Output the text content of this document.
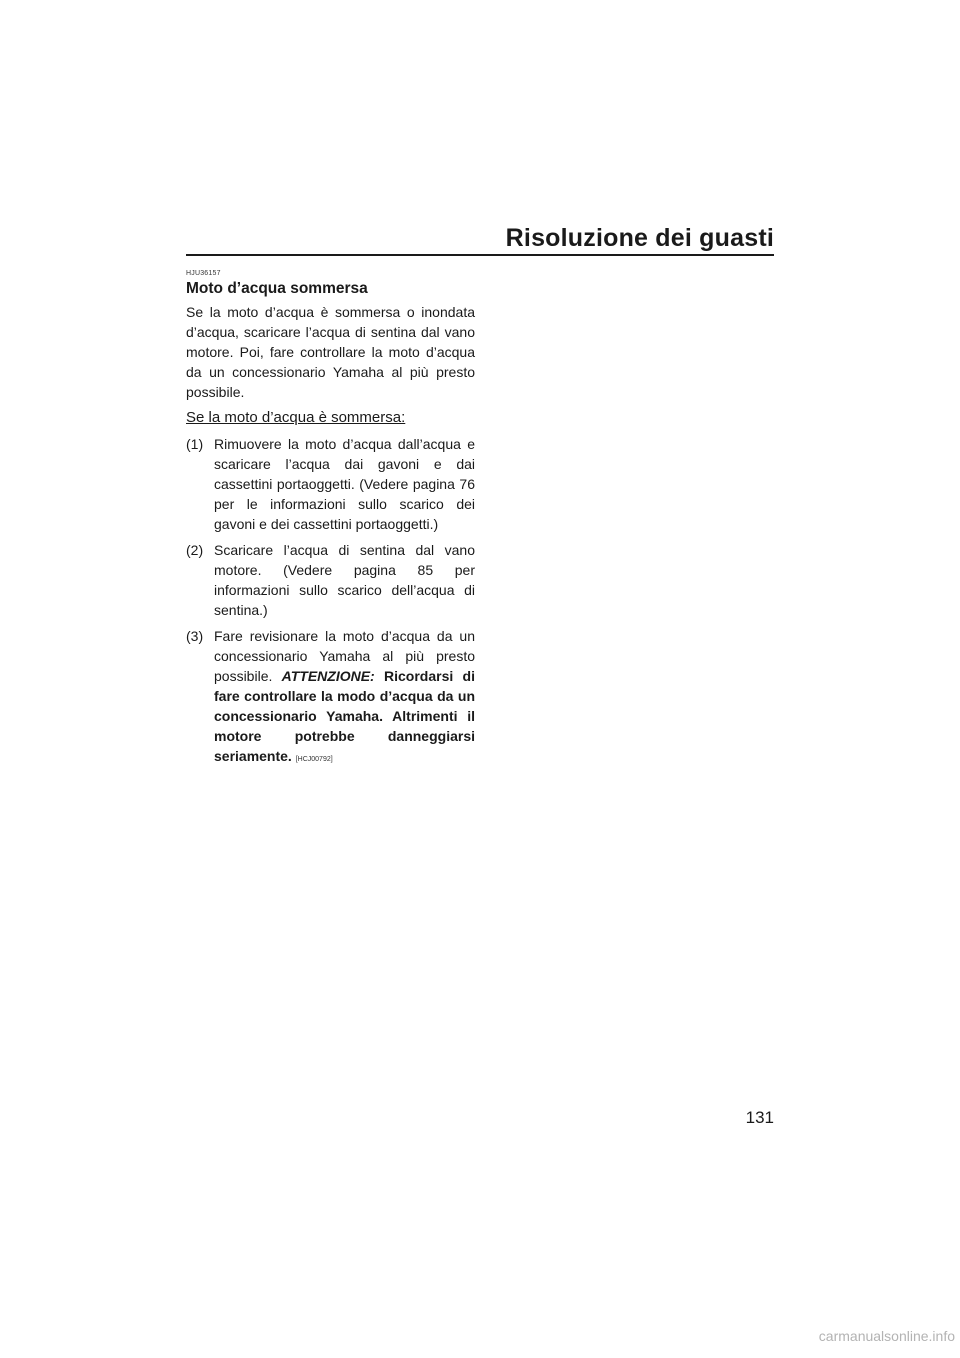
Risoluzione dei guasti
HJU36157
Moto d’acqua sommersa

Se la moto d’acqua è sommersa o inondata d’acqua, scaricare l’acqua di sentina dal vano motore. Poi, fare controllare la moto d’acqua da un concessionario Yamaha al più presto possibile.

Se la moto d’acqua è sommersa:
(1) Rimuovere la moto d’acqua dall’acqua e scaricare l’acqua dai gavoni e dai cassettini portaoggetti. (Vedere pagina 76 per le informazioni sullo scarico dei gavoni e dei cassettini portaoggetti.)
(2) Scaricare l’acqua di sentina dal vano motore. (Vedere pagina 85 per informazioni sullo scarico dell’acqua di sentina.)
(3) Fare revisionare la moto d’acqua da un concessionario Yamaha al più presto possibile. ATTENZIONE: Ricordarsi di fare controllare la modo d’acqua da un concessionario Yamaha. Altrimenti il motore potrebbe danneggiarsi seriamente. [HCJ00792]
131
carmanualsonline.info
